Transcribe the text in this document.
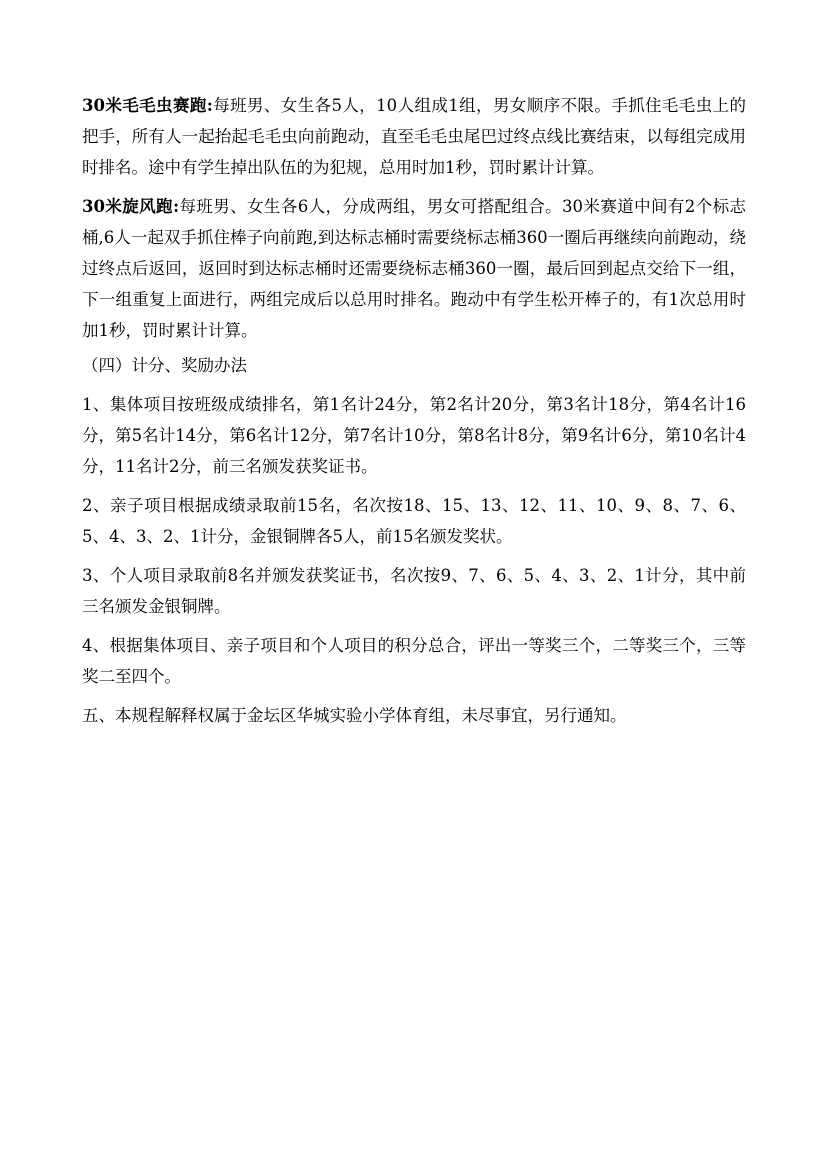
30米毛毛虫赛跑:每班男、女生各5人，10人组成1组，男女顺序不限。手抓住毛毛虫上的把手，所有人一起抬起毛毛虫向前跑动，直至毛毛虫尾巴过终点线比赛结束，以每组完成用时排名。途中有学生掉出队伍的为犯规，总用时加1秒，罚时累计计算。

30米旋风跑:每班男、女生各6人，分成两组，男女可搭配组合。30米赛道中间有2个标志桶,6人一起双手抓住棒子向前跑,到达标志桶时需要绕标志桶360一圈后再继续向前跑动，绕过终点后返回，返回时到达标志桶时还需要绕标志桶360一圈，最后回到起点交给下一组，下一组重复上面进行，两组完成后以总用时排名。跑动中有学生松开棒子的，有1次总用时加1秒，罚时累计计算。

（四）计分、奖励办法

1、集体项目按班级成绩排名，第1名计24分，第2名计20分，第3名计18分，第4名计16分，第5名计14分，第6名计12分，第7名计10分，第8名计8分，第9名计6分，第10名计4分，11名计2分，前三名颁发获奖证书。

2、亲子项目根据成绩录取前15名，名次按18、15、13、12、11、10、9、8、7、6、5、4、3、2、1计分，金银铜牌各5人，前15名颁发奖状。

3、个人项目录取前8名并颁发获奖证书，名次按9、7、6、5、4、3、2、1计分，其中前三名颁发金银铜牌。

4、根据集体项目、亲子项目和个人项目的积分总合，评出一等奖三个，二等奖三个，三等奖二至四个。

五、本规程解释权属于金坛区华城实验小学体育组，未尽事宜，另行通知。
